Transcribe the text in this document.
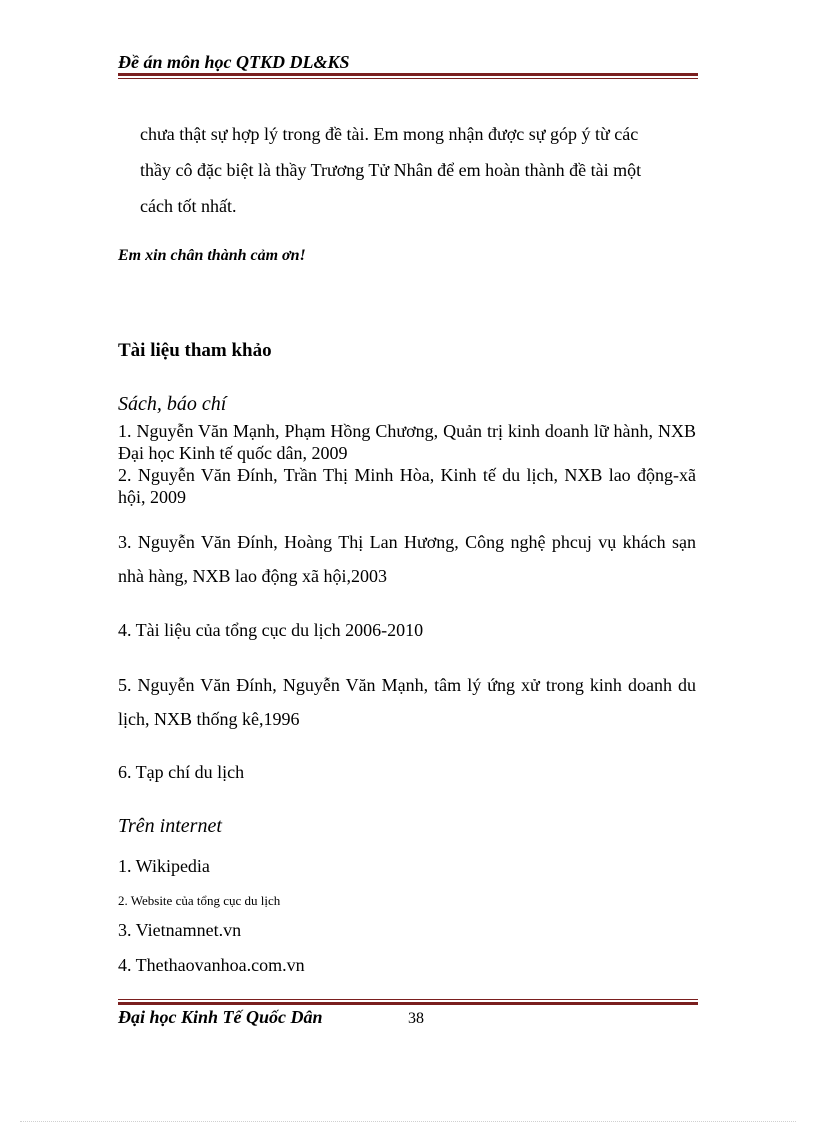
Đề án môn học QTKD DL&KS
chưa thật sự hợp lý trong đề tài. Em mong nhận được sự góp ý từ các thầy cô đặc biệt là thầy Trương Tử Nhân để em hoàn thành đề tài một cách tốt nhất.
Em xin chân thành cảm ơn!
Tài liệu tham khảo
Sách, báo chí
1. Nguyễn Văn Mạnh, Phạm Hồng Chương, Quản trị kinh doanh lữ hành, NXB Đại học Kinh tế quốc dân, 2009
2. Nguyễn Văn Đính, Trần Thị Minh Hòa, Kinh tế du lịch, NXB lao động-xã hội, 2009
3. Nguyễn Văn Đính, Hoàng Thị Lan Hương, Công nghệ phcuj vụ khách sạn nhà hàng, NXB lao động xã hội,2003
4. Tài liệu của tổng cục du lịch 2006-2010
5. Nguyễn Văn Đính, Nguyễn Văn Mạnh, tâm lý ứng xử trong kinh doanh du lịch, NXB thống kê,1996
6. Tạp chí du lịch
Trên internet
1. Wikipedia
2. Website của tổng cục du lịch
3. Vietnamnet.vn
4. Thethaovanhoa.com.vn
Đại học Kinh Tế Quốc Dân	38
